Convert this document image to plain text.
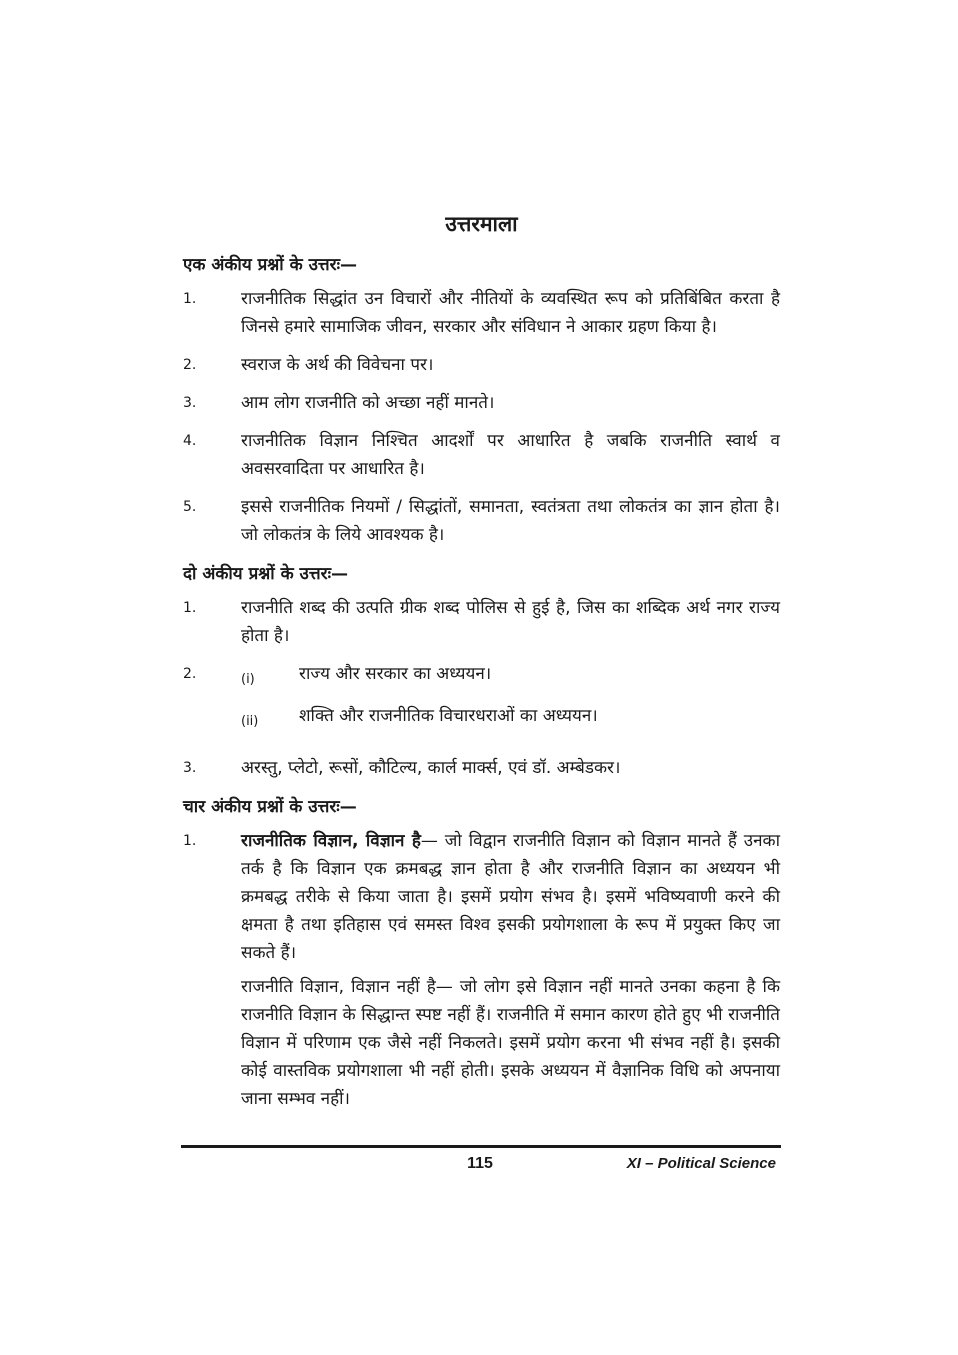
उत्तरमाला
एक अंकीय प्रश्नों के उत्तरः—
1.	राजनीतिक सिद्धांत उन विचारों और नीतियों के व्यवस्थित रूप को प्रतिबिंबित करता है जिनसे हमारे सामाजिक जीवन, सरकार और संविधान ने आकार ग्रहण किया है।
2.	स्वराज के अर्थ की विवेचना पर।
3.	आम लोग राजनीति को अच्छा नहीं मानते।
4.	राजनीतिक विज्ञान निश्चित आदर्शों पर आधारित है जबकि राजनीति स्वार्थ व अवसरवादिता पर आधारित है।
5.	इससे राजनीतिक नियमों / सिद्धांतों, समानता, स्वतंत्रता तथा लोकतंत्र का ज्ञान होता है। जो लोकतंत्र के लिये आवश्यक है।
दो अंकीय प्रश्नों के उत्तरः—
1.	राजनीति शब्द की उत्पति ग्रीक शब्द पोलिस से हुई है, जिस का शब्दिक अर्थ नगर राज्य होता है।
2.	(i)	राज्य और सरकार का अध्ययन।
(ii)	शक्ति और राजनीतिक विचारधराओं का अध्ययन।
3.	अरस्तु, प्लेटो, रूसों, कौटिल्य, कार्ल मार्क्स, एवं डॉ. अम्बेडकर।
चार अंकीय प्रश्नों के उत्तरः—
1.	राजनीतिक विज्ञान, विज्ञान है— जो विद्वान राजनीति विज्ञान को विज्ञान मानते हैं उनका तर्क है कि विज्ञान एक क्रमबद्ध ज्ञान होता है और राजनीति विज्ञान का अध्ययन भी क्रमबद्ध तरीके से किया जाता है। इसमें प्रयोग संभव है। इसमें भविष्यवाणी करने की क्षमता है तथा इतिहास एवं समस्त विश्व इसकी प्रयोगशाला के रूप में प्रयुक्त किए जा सकते हैं।
राजनीति विज्ञान, विज्ञान नहीं है— जो लोग इसे विज्ञान नहीं मानते उनका कहना है कि राजनीति विज्ञान के सिद्धान्त स्पष्ट नहीं हैं। राजनीति में समान कारण होते हुए भी राजनीति विज्ञान में परिणाम एक जैसे नहीं निकलते। इसमें प्रयोग करना भी संभव नहीं है। इसकी कोई वास्तविक प्रयोगशाला भी नहीं होती। इसके अध्ययन में वैज्ञानिक विधि को अपनाया जाना सम्भव नहीं।
115	XI – Political Science
